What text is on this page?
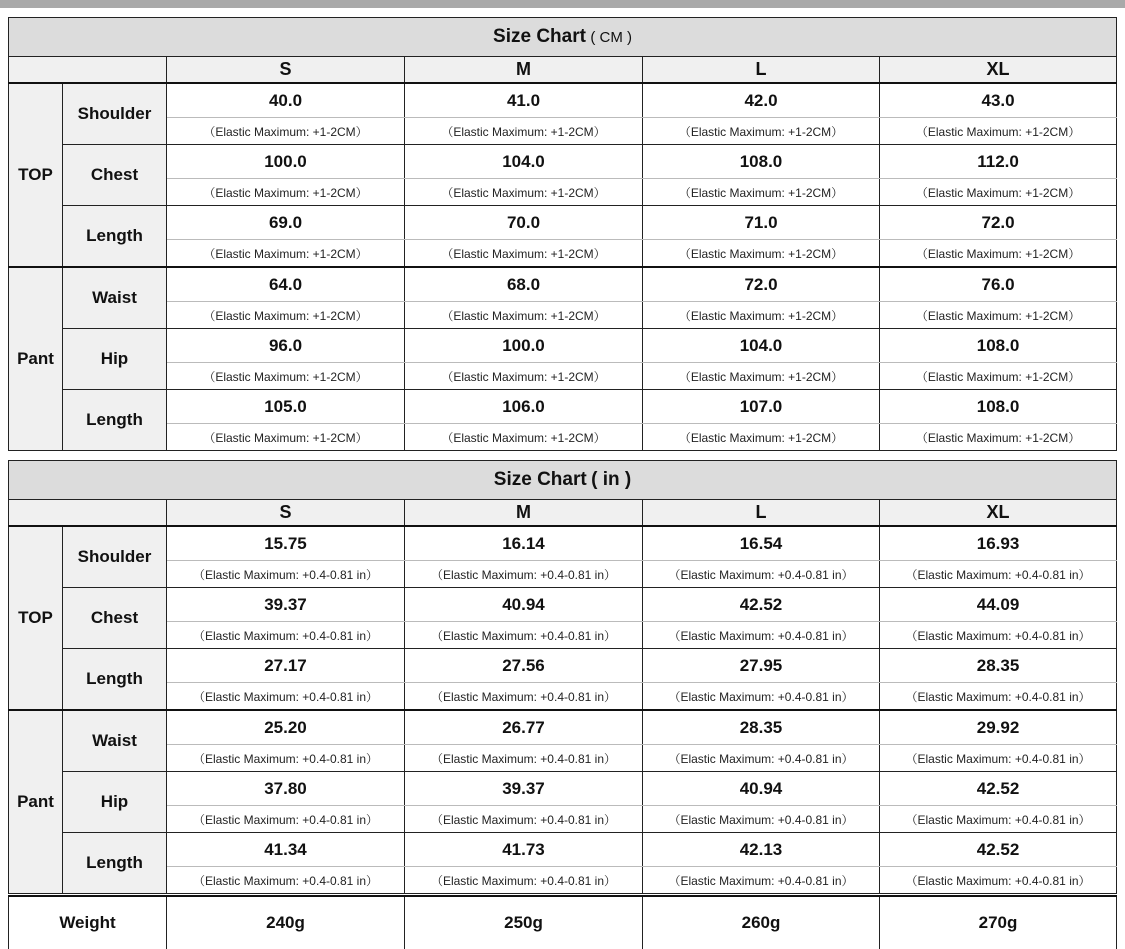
Size Chart ( CM )					
		S	M	L	XL
TOP	Shoulder	40.0	41.0	42.0	43.0
		（Elastic Maximum: +1-2CM）	（Elastic Maximum: +1-2CM）	（Elastic Maximum: +1-2CM）	（Elastic Maximum: +1-2CM）
	Chest	100.0	104.0	108.0	112.0
		（Elastic Maximum: +1-2CM）	（Elastic Maximum: +1-2CM）	（Elastic Maximum: +1-2CM）	（Elastic Maximum: +1-2CM）
	Length	69.0	70.0	71.0	72.0
		（Elastic Maximum: +1-2CM）	（Elastic Maximum: +1-2CM）	（Elastic Maximum: +1-2CM）	（Elastic Maximum: +1-2CM）
Pant	Waist	64.0	68.0	72.0	76.0
		（Elastic Maximum: +1-2CM）	（Elastic Maximum: +1-2CM）	（Elastic Maximum: +1-2CM）	（Elastic Maximum: +1-2CM）
	Hip	96.0	100.0	104.0	108.0
		（Elastic Maximum: +1-2CM）	（Elastic Maximum: +1-2CM）	（Elastic Maximum: +1-2CM）	（Elastic Maximum: +1-2CM）
	Length	105.0	106.0	107.0	108.0
		（Elastic Maximum: +1-2CM）	（Elastic Maximum: +1-2CM）	（Elastic Maximum: +1-2CM）	（Elastic Maximum: +1-2CM）
Size Chart ( in )					
		S	M	L	XL
TOP	Shoulder	15.75	16.14	16.54	16.93
		（Elastic Maximum: +0.4-0.81 in）	（Elastic Maximum: +0.4-0.81 in）	（Elastic Maximum: +0.4-0.81 in）	（Elastic Maximum: +0.4-0.81 in）
	Chest	39.37	40.94	42.52	44.09
		（Elastic Maximum: +0.4-0.81 in）	（Elastic Maximum: +0.4-0.81 in）	（Elastic Maximum: +0.4-0.81 in）	（Elastic Maximum: +0.4-0.81 in）
	Length	27.17	27.56	27.95	28.35
		（Elastic Maximum: +0.4-0.81 in）	（Elastic Maximum: +0.4-0.81 in）	（Elastic Maximum: +0.4-0.81 in）	（Elastic Maximum: +0.4-0.81 in）
Pant	Waist	25.20	26.77	28.35	29.92
		（Elastic Maximum: +0.4-0.81 in）	（Elastic Maximum: +0.4-0.81 in）	（Elastic Maximum: +0.4-0.81 in）	（Elastic Maximum: +0.4-0.81 in）
	Hip	37.80	39.37	40.94	42.52
		（Elastic Maximum: +0.4-0.81 in）	（Elastic Maximum: +0.4-0.81 in）	（Elastic Maximum: +0.4-0.81 in）	（Elastic Maximum: +0.4-0.81 in）
	Length	41.34	41.73	42.13	42.52
		（Elastic Maximum: +0.4-0.81 in）	（Elastic Maximum: +0.4-0.81 in）	（Elastic Maximum: +0.4-0.81 in）	（Elastic Maximum: +0.4-0.81 in）
Weight	240g	250g	260g	270g
